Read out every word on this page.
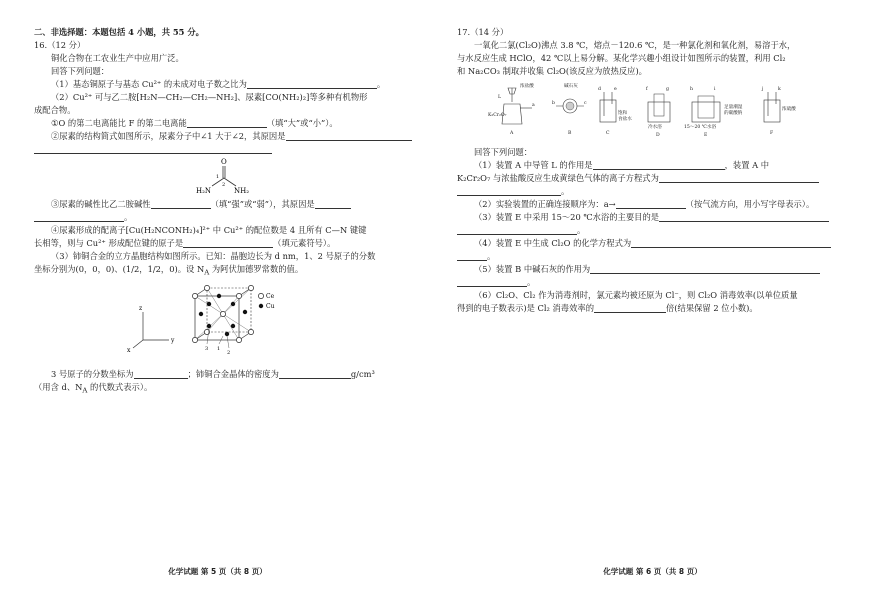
二、非选择题：本题包括 4 小题，共 55 分。

16.（12 分）

铜化合物在工农业生产中应用广泛。

回答下列问题：

（1）基态铜原子与基态 Cu²⁺ 的未成对电子数之比为	。

（2）Cu²⁺ 可与乙二胺[H₂N—CH₂—CH₂—NH₂]、尿素[CO(NH₂)₂]等多种有机物形

成配合物。

①O 的第二电离能比 F 的第二电离能	（填“大”或“小”）。

②尿素的结构简式如图所示，尿素分子中∠1 大于∠2，其原因是

O
1
2
H₂N	NH₂

③尿素的碱性比乙二胺碱性	（填“强”或“弱”），其原因是

。

④尿素形成的配离子[Cu(H₂NCONH₂)₄]²⁺ 中 Cu²⁺ 的配位数是 4 且所有 C—N 键键

长相等，则与 Cu²⁺ 形成配位键的原子是	（填元素符号）。

（3）铈铜合金的立方晶胞结构如图所示。已知：晶胞边长为 d nm，1、2 号原子的分数

坐标分别为(0，0，0)、(1/2，1/2，0)。设 $N_A$ 为阿伏加德罗常数的值。

z
y
x	1
2
3
Ce
Cu

3 号原子的分数坐标为	；铈铜合金晶体的密度为	g/cm³

（用含 d、$N_A$ 的代数式表示）。

化学试题 第 5 页（共 8 页）

17.（14 分）

一氧化二氯(Cl₂O)沸点 3.8 ℃，熔点－120.6 ℃，是一种氯化剂和氧化剂，易溶于水，

与水反应生成 HClO，42 ℃以上易分解。某化学兴趣小组设计如图所示的装置，利用 Cl₂

和 Na₂CO₃ 制取并收集 Cl₂O(该反应为放热反应)。

浓盐酸
L
K₂Cr₂O₇
a
A
碱石灰
b	c
B
d	e
饱和
食盐水
C
f	g
冷水浴
D
h	i
足量潮湿
的碳酸钠
15～20 ℃水浴
E
j	k
浓硫酸
F

回答下列问题：

（1）装置 A 中导管 L 的作用是	，装置 A 中

K₂Cr₂O₇ 与浓盐酸反应生成黄绿色气体的离子方程式为

。

（2）实验装置的正确连接顺序为：a→	（按气流方向，用小写字母表示）。

（3）装置 E 中采用 15～20 ℃水浴的主要目的是

。

（4）装置 E 中生成 Cl₂O 的化学方程式为

。

（5）装置 B 中碱石灰的作用为

。

（6）Cl₂O、Cl₂ 作为消毒剂时，氯元素均被还原为 Cl⁻，则 Cl₂O 消毒效率(以单位质量

得到的电子数表示)是 Cl₂ 消毒效率的	倍(结果保留 2 位小数)。

化学试题 第 6 页（共 8 页）
